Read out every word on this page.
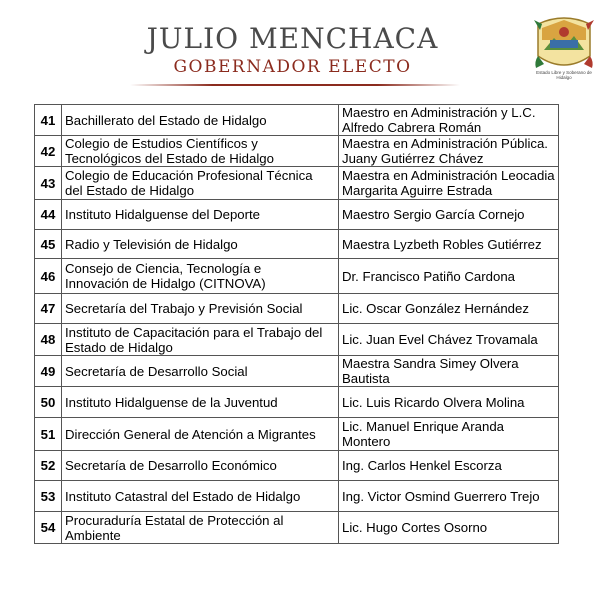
JULIO MENCHACA
GOBERNADOR ELECTO	Estado Libre y Soberano de Hidalgo
41	Bachillerato del Estado de Hidalgo	Maestro en Administración y L.C.
Alfredo Cabrera Román

42	Colegio de Estudios Científicos y
Tecnológicos del Estado de Hidalgo	Maestra en Administración Pública.
Juany Gutiérrez Chávez

43	Colegio de Educación Profesional Técnica
del Estado de Hidalgo	Maestra en Administración Leocadia
Margarita Aguirre Estrada

44	Instituto Hidalguense del Deporte	Maestro Sergio García Cornejo

45	Radio y Televisión de Hidalgo	Maestra Lyzbeth Robles Gutiérrez

46	Consejo de Ciencia, Tecnología e
Innovación de Hidalgo (CITNOVA)	Dr. Francisco Patiño Cardona

47	Secretaría del Trabajo y Previsión Social	Lic. Oscar González Hernández

48	Instituto de Capacitación para el Trabajo del
Estado de Hidalgo	Lic. Juan Evel Chávez Trovamala

49	Secretaría de Desarrollo Social	Maestra Sandra Simey Olvera
Bautista

50	Instituto Hidalguense de la Juventud	Lic. Luis Ricardo Olvera Molina

51	Dirección General de Atención a Migrantes	Lic. Manuel Enrique Aranda Montero

52	Secretaría de Desarrollo Económico	Ing. Carlos Henkel Escorza

53	Instituto Catastral del Estado de Hidalgo	Ing. Victor Osmind Guerrero Trejo

54	Procuraduría Estatal de Protección al
Ambiente	Lic. Hugo Cortes Osorno
